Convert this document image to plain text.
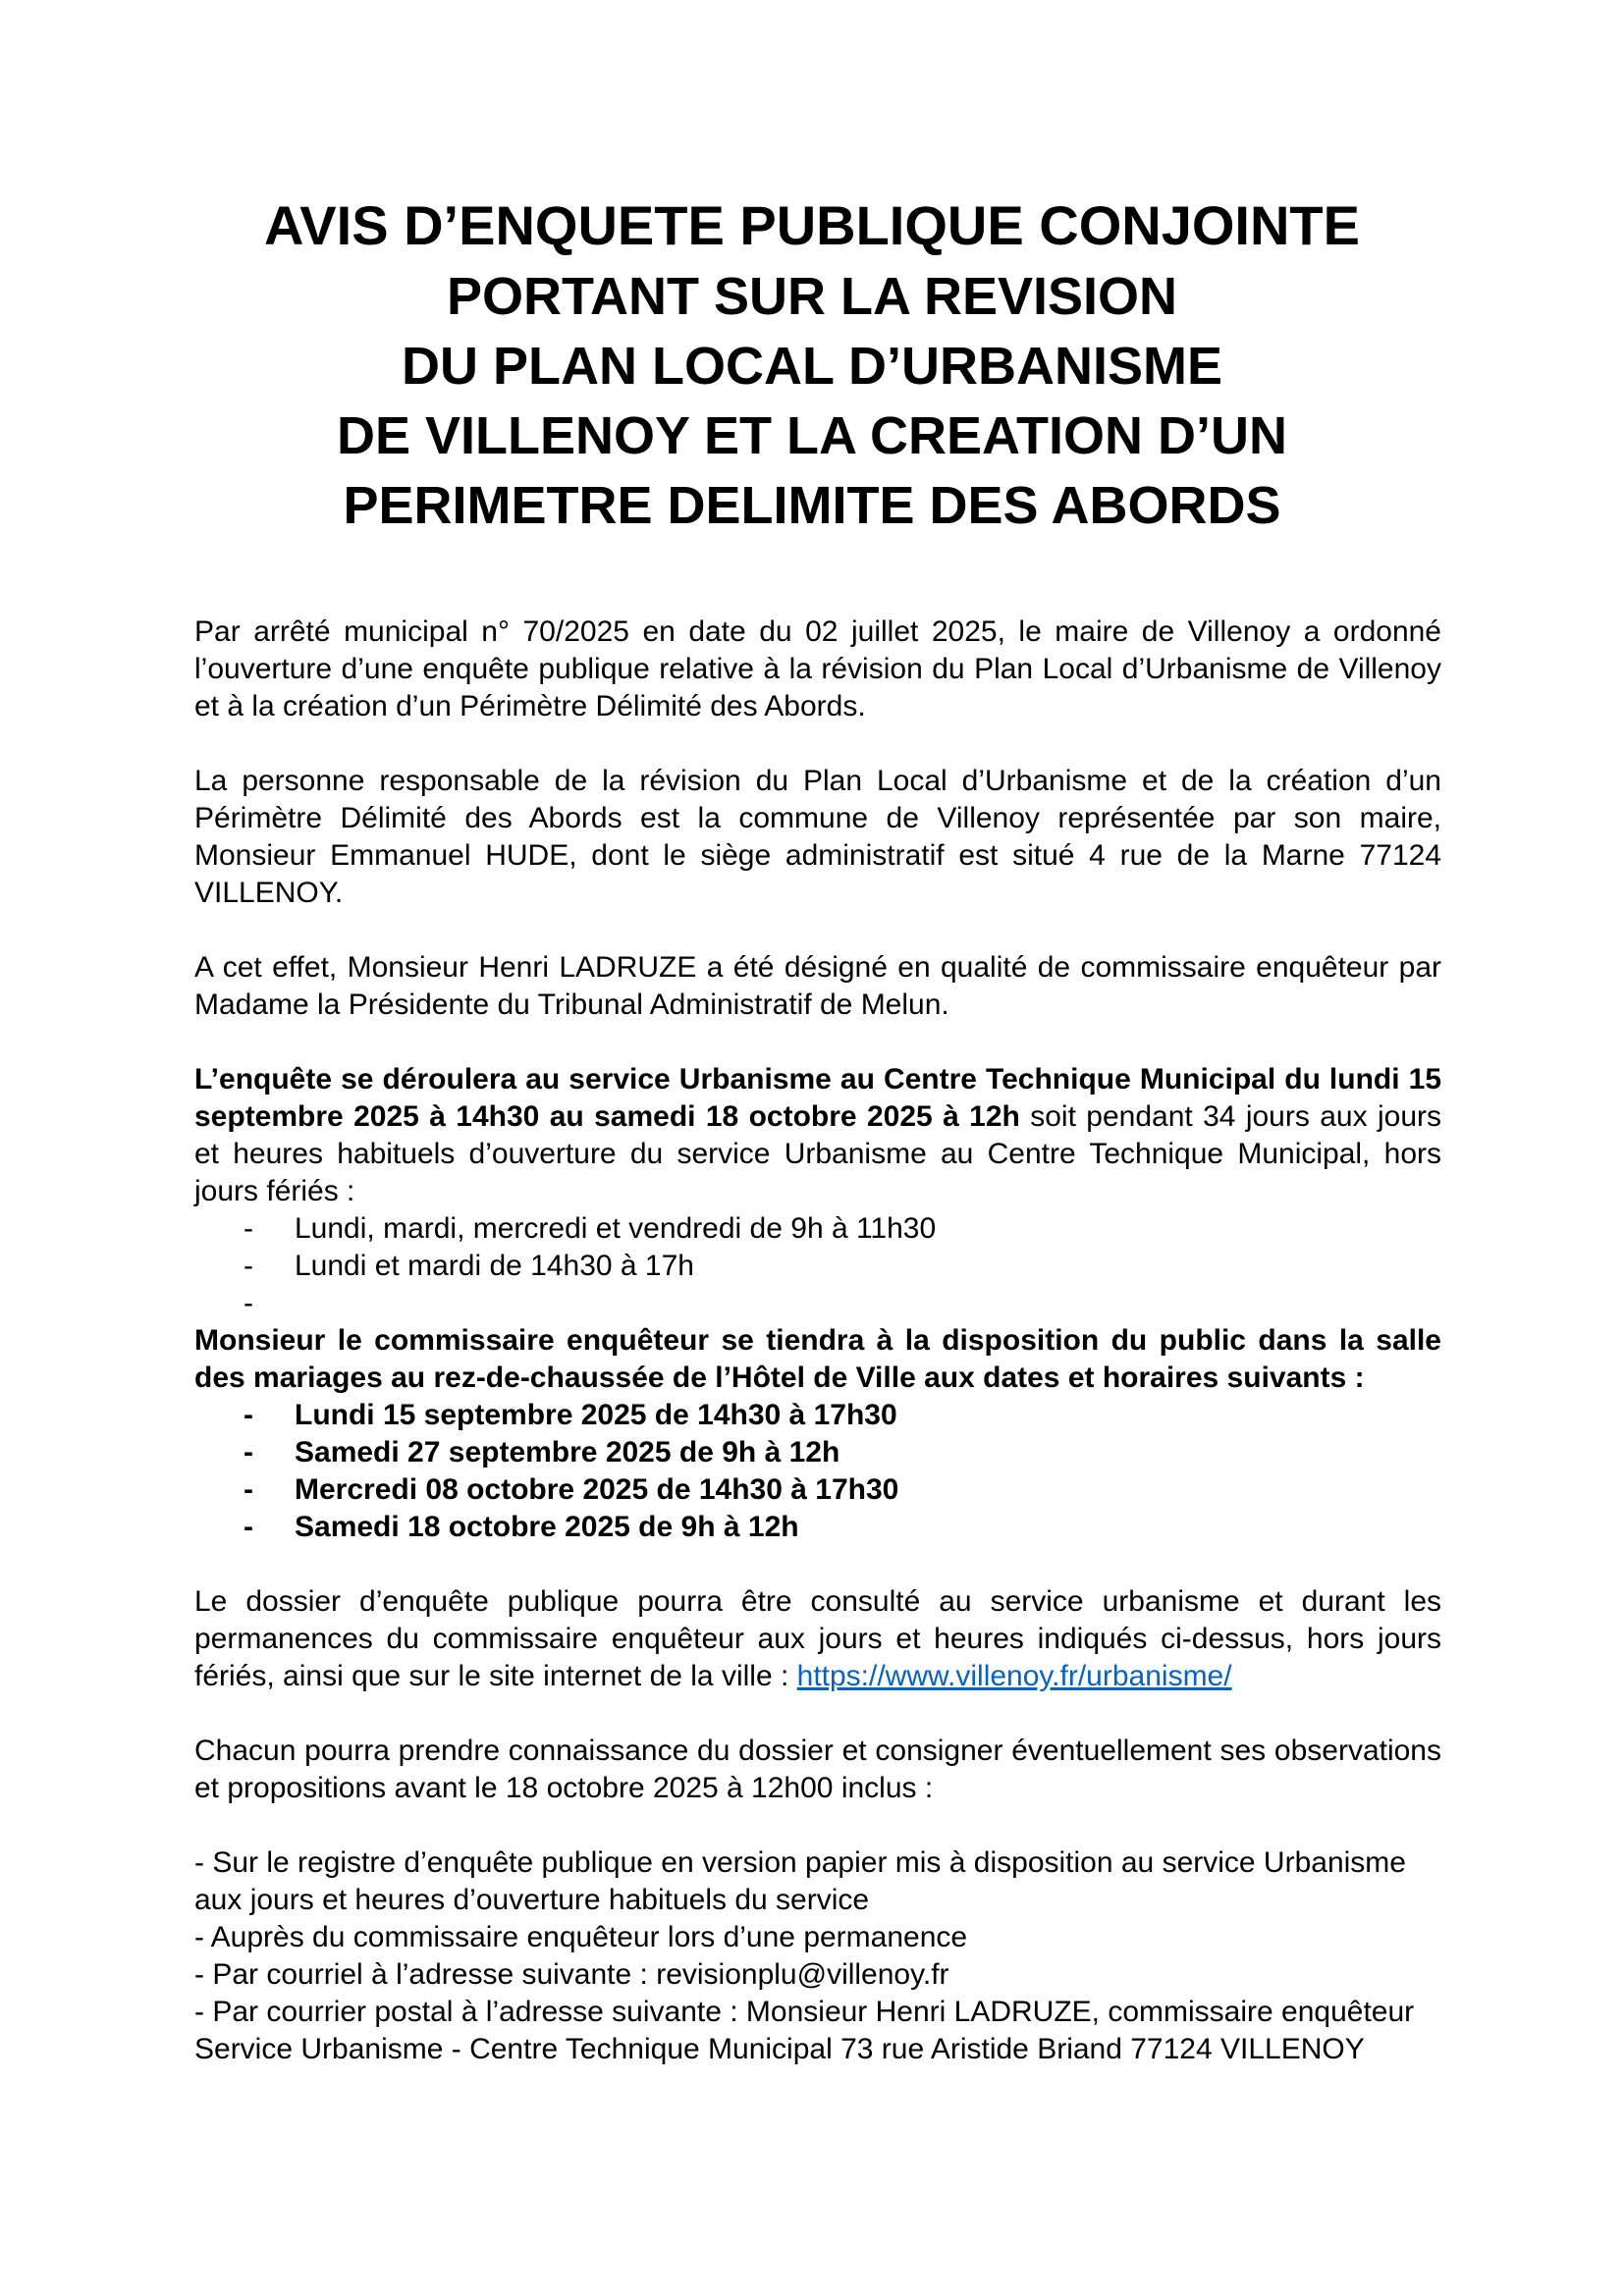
AVIS D’ENQUETE PUBLIQUE CONJOINTE

PORTANT SUR LA REVISION

DU PLAN LOCAL D’URBANISME

DE VILLENOY ET LA CREATION D’UN

PERIMETRE DELIMITE DES ABORDS

Par arrêté municipal n° 70/2025 en date du 02 juillet 2025, le maire de Villenoy a ordonné l’ouverture d’une enquête publique relative à la révision du Plan Local d’Urbanisme de Villenoy et à la création d’un Périmètre Délimité des Abords.

La personne responsable de la révision du Plan Local d’Urbanisme et de la création d’un Périmètre Délimité des Abords est la commune de Villenoy représentée par son maire, Monsieur Emmanuel HUDE, dont le siège administratif est situé 4 rue de la Marne 77124 VILLENOY.

A cet effet, Monsieur Henri LADRUZE a été désigné en qualité de commissaire enquêteur par Madame la Présidente du Tribunal Administratif de Melun.

L’enquête se déroulera au service Urbanisme au Centre Technique Municipal du lundi 15 septembre 2025 à 14h30 au samedi 18 octobre 2025 à 12h soit pendant 34 jours aux jours et heures habituels d’ouverture du service Urbanisme au Centre Technique Municipal, hors jours fériés :

- Lundi, mardi, mercredi et vendredi de 9h à 11h30
- Lundi et mardi de 14h30 à 17h
-

Monsieur le commissaire enquêteur se tiendra à la disposition du public dans la salle des mariages au rez-de-chaussée de l’Hôtel de Ville aux dates et horaires suivants :

- Lundi 15 septembre 2025 de 14h30 à 17h30
- Samedi 27 septembre 2025 de 9h à 12h
- Mercredi 08 octobre 2025 de 14h30 à 17h30
- Samedi 18 octobre 2025 de 9h à 12h

Le dossier d’enquête publique pourra être consulté au service urbanisme et durant les permanences du commissaire enquêteur aux jours et heures indiqués ci-dessus, hors jours fériés, ainsi que sur le site internet de la ville : https://www.villenoy.fr/urbanisme/

Chacun pourra prendre connaissance du dossier et consigner éventuellement ses observations et propositions avant le 18 octobre 2025 à 12h00 inclus :

- Sur le registre d’enquête publique en version papier mis à disposition au service Urbanisme aux jours et heures d’ouverture habituels du service

- Auprès du commissaire enquêteur lors d’une permanence

- Par courriel à l’adresse suivante : revisionplu@villenoy.fr

- Par courrier postal à l’adresse suivante : Monsieur Henri LADRUZE, commissaire enquêteur Service Urbanisme - Centre Technique Municipal 73 rue Aristide Briand 77124 VILLENOY
